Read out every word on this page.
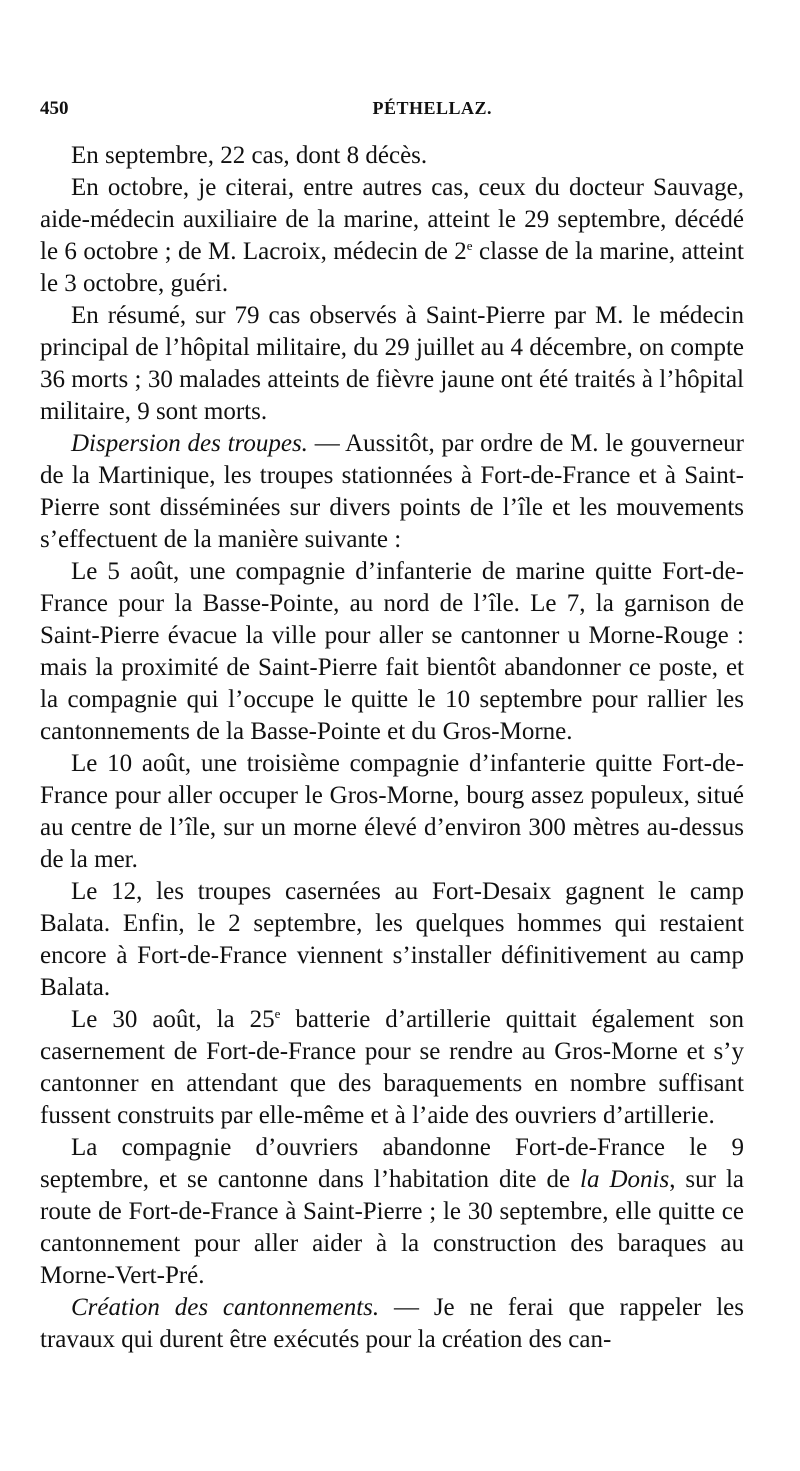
450	PÉTHELLAZ.

En septembre, 22 cas, dont 8 décès.

En octobre, je citerai, entre autres cas, ceux du docteur Sauvage, aide-médecin auxiliaire de la marine, atteint le 29 septembre, décédé le 6 octobre ; de M. Lacroix, médecin de 2e classe de la marine, atteint le 3 octobre, guéri.

En résumé, sur 79 cas observés à Saint-Pierre par M. le médecin principal de l’hôpital militaire, du 29 juillet au 4 décembre, on compte 36 morts ; 30 malades atteints de fièvre jaune ont été traités à l’hôpital militaire, 9 sont morts.

Dispersion des troupes. — Aussitôt, par ordre de M. le gouverneur de la Martinique, les troupes stationnées à Fort-de-France et à Saint-Pierre sont disséminées sur divers points de l’île et les mouvements s’effectuent de la manière suivante :

Le 5 août, une compagnie d’infanterie de marine quitte Fort-de-France pour la Basse-Pointe, au nord de l’île. Le 7, la garnison de Saint-Pierre évacue la ville pour aller se cantonner u Morne-Rouge : mais la proximité de Saint-Pierre fait bientôt abandonner ce poste, et la compagnie qui l’occupe le quitte le 10 septembre pour rallier les cantonnements de la Basse-Pointe et du Gros-Morne.

Le 10 août, une troisième compagnie d’infanterie quitte Fort-de-France pour aller occuper le Gros-Morne, bourg assez populeux, situé au centre de l’île, sur un morne élevé d’environ 300 mètres au-dessus de la mer.

Le 12, les troupes casernées au Fort-Desaix gagnent le camp Balata. Enfin, le 2 septembre, les quelques hommes qui restaient encore à Fort-de-France viennent s’installer définitivement au camp Balata.

Le 30 août, la 25e batterie d’artillerie quittait également son casernement de Fort-de-France pour se rendre au Gros-Morne et s’y cantonner en attendant que des baraquements en nombre suffisant fussent construits par elle-même et à l’aide des ouvriers d’artillerie.

La compagnie d’ouvriers abandonne Fort-de-France le 9 septembre, et se cantonne dans l’habitation dite de la Donis, sur la route de Fort-de-France à Saint-Pierre ; le 30 septembre, elle quitte ce cantonnement pour aller aider à la construction des baraques au Morne-Vert-Pré.

Création des cantonnements. — Je ne ferai que rappeler les travaux qui durent être exécutés pour la création des can-
